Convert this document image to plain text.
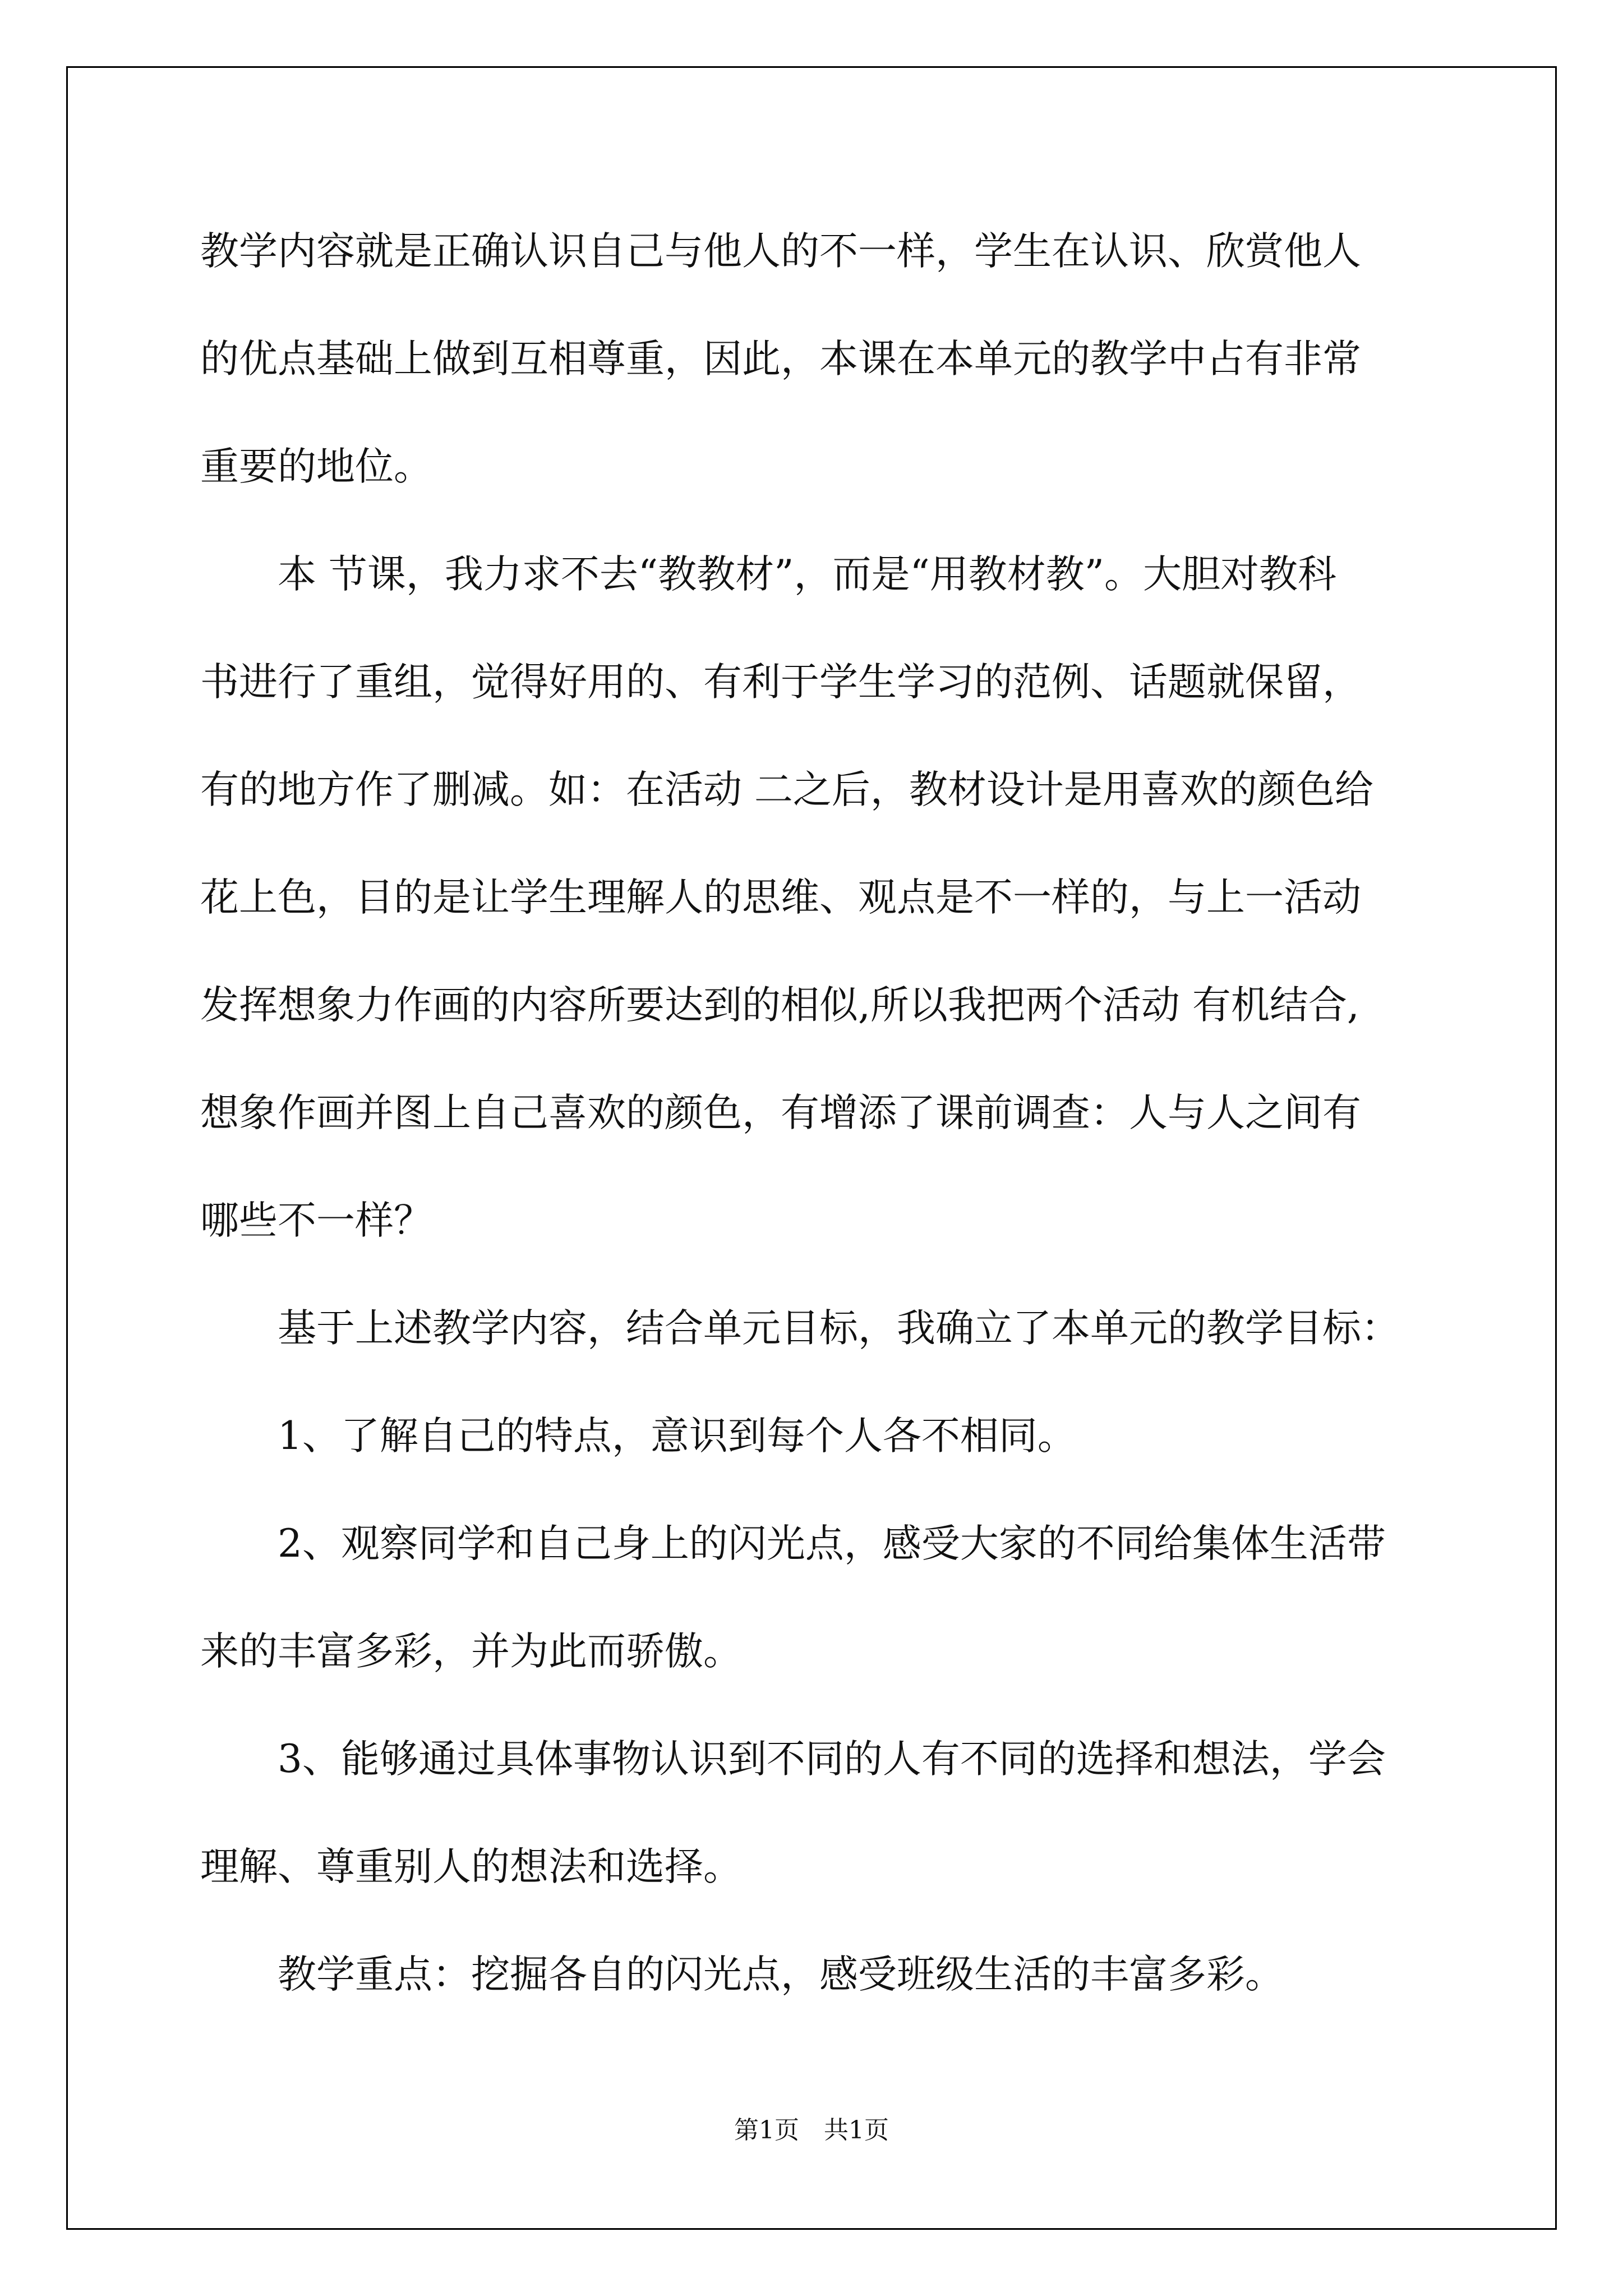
教学内容就是正确认识自己与他人的不一样，学生在认识、欣赏他人

的优点基础上做到互相尊重，因此，本课在本单元的教学中占有非常

重要的地位。

　　本 节课，我力求不去“教教材”，而是“用教材教”。大胆对教科

书进行了重组，觉得好用的、有利于学生学习的范例、话题就保留，

有的地方作了删减。如：在活动 二之后，教材设计是用喜欢的颜色给

花上色，目的是让学生理解人的思维、观点是不一样的，与上一活动

发挥想象力作画的内容所要达到的相似,所以我把两个活动 有机结合,

想象作画并图上自己喜欢的颜色，有增添了课前调查：人与人之间有

哪些不一样？

　　基于上述教学内容，结合单元目标，我确立了本单元的教学目标：

　　1、了解自己的特点，意识到每个人各不相同。

　　2、观察同学和自己身上的闪光点，感受大家的不同给集体生活带

来的丰富多彩，并为此而骄傲。

　　3、能够通过具体事物认识到不同的人有不同的选择和想法，学会

理解、尊重别人的想法和选择。

　　教学重点：挖掘各自的闪光点，感受班级生活的丰富多彩。

第1页　共1页
